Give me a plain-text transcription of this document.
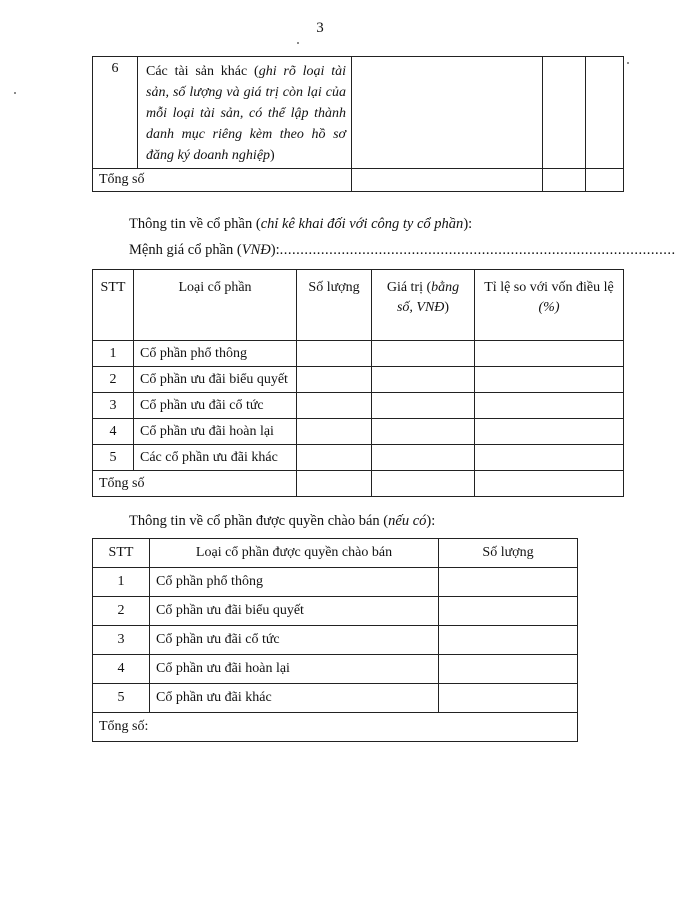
3
6	Các tài sản khác (ghi rõ loại tài sản, số lượng và giá trị còn lại của mỗi loại tài sản, có thể lập thành danh mục riêng kèm theo hồ sơ đăng ký doanh nghiệp)			
Tổng số				
Thông tin về cổ phần (chỉ kê khai đối với công ty cổ phần):
Mệnh giá cổ phần (VNĐ):................................................................................................
STT	Loại cổ phần	Số lượng	Giá trị (bằng số, VNĐ)	Tỉ lệ so với vốn điều lệ
(%)
1	Cổ phần phổ thông			
2	Cổ phần ưu đãi biểu quyết			
3	Cổ phần ưu đãi cổ tức			
4	Cổ phần ưu đãi hoàn lại			
5	Các cổ phần ưu đãi khác			
Tổng số				
Thông tin về cổ phần được quyền chào bán (nếu có):
STT	Loại cổ phần được quyền chào bán	Số lượng
1	Cổ phần phổ thông	
2	Cổ phần ưu đãi biểu quyết	
3	Cổ phần ưu đãi cổ tức	
4	Cổ phần ưu đãi hoàn lại	
5	Cổ phần ưu đãi khác	
Tổng số:		
